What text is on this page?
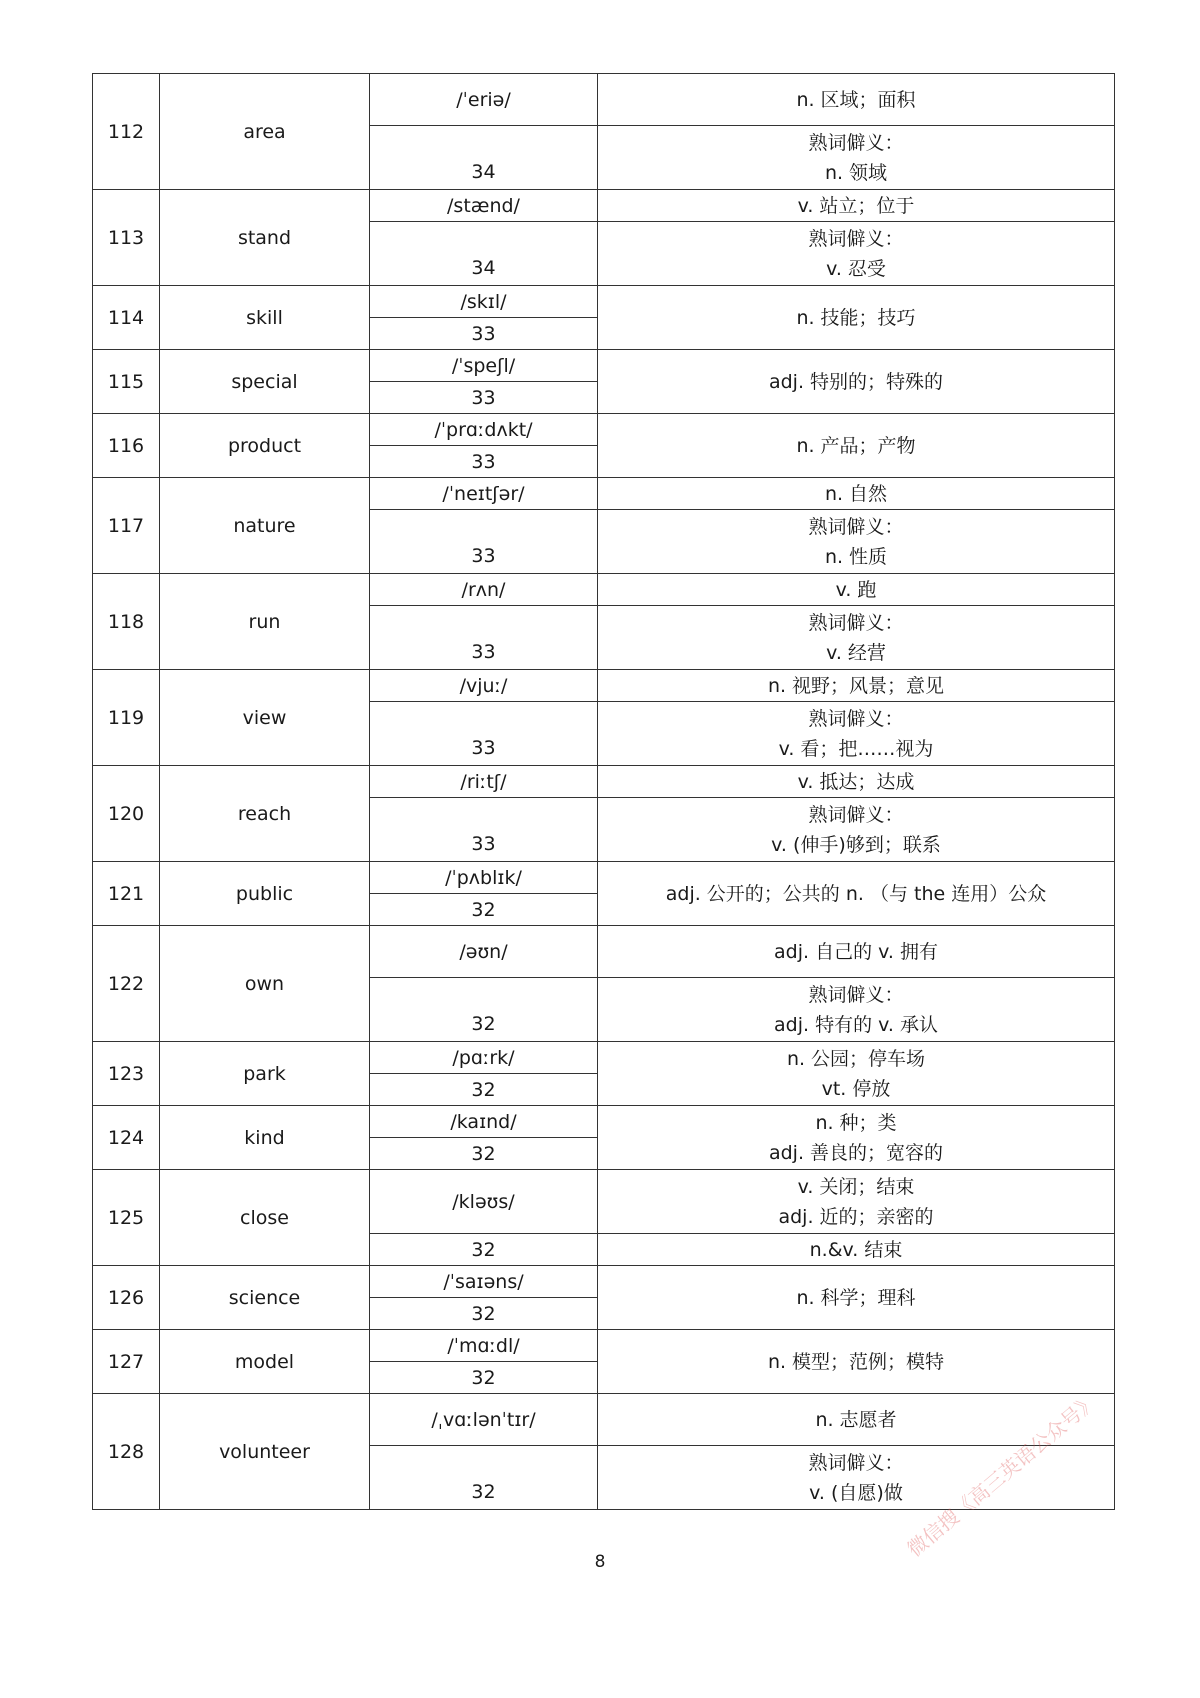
112	area	/ˈeriə/	n. 区域；面积

		34	熟词僻义：
n. 领域

113	stand	/stænd/	v. 站立；位于

		34	熟词僻义：
v. 忍受

114	skill	/skɪl/	n. 技能；技巧

		33	
115	special	/ˈspeʃl/	adj. 特别的；特殊的

		33	
116	product	/ˈprɑːdʌkt/	n. 产品；产物

		33	
117	nature	/ˈneɪtʃər/	n. 自然

		33	熟词僻义：
n. 性质

118	run	/rʌn/	v. 跑

		33	熟词僻义：
v. 经营

119	view	/vjuː/	n. 视野；风景；意见

		33	熟词僻义：
v. 看；把……视为

120	reach	/riːtʃ/	v. 抵达；达成

		33	熟词僻义：
v. (伸手)够到；联系

121	public	/ˈpʌblɪk/	adj. 公开的；公共的 n. （与 the 连用）公众

		32	
122	own	/əʊn/	adj. 自己的 v. 拥有

		32	熟词僻义：
adj. 特有的 v. 承认

123	park	/pɑːrk/	n. 公园；停车场
vt. 停放

		32	
124	kind	/kaɪnd/	n. 种；类
adj. 善良的；宽容的

		32	
125	close	/kləʊs/	v. 关闭；结束
adj. 近的；亲密的

		32	n.&v. 结束

126	science	/ˈsaɪəns/	n. 科学；理科

		32	
127	model	/ˈmɑːdl/	n. 模型；范例；模特

		32	
128	volunteer	/ˌvɑːlənˈtɪr/	n. 志愿者

		32	熟词僻义：
v. (自愿)做
8
微信搜《高三英语公众号》
